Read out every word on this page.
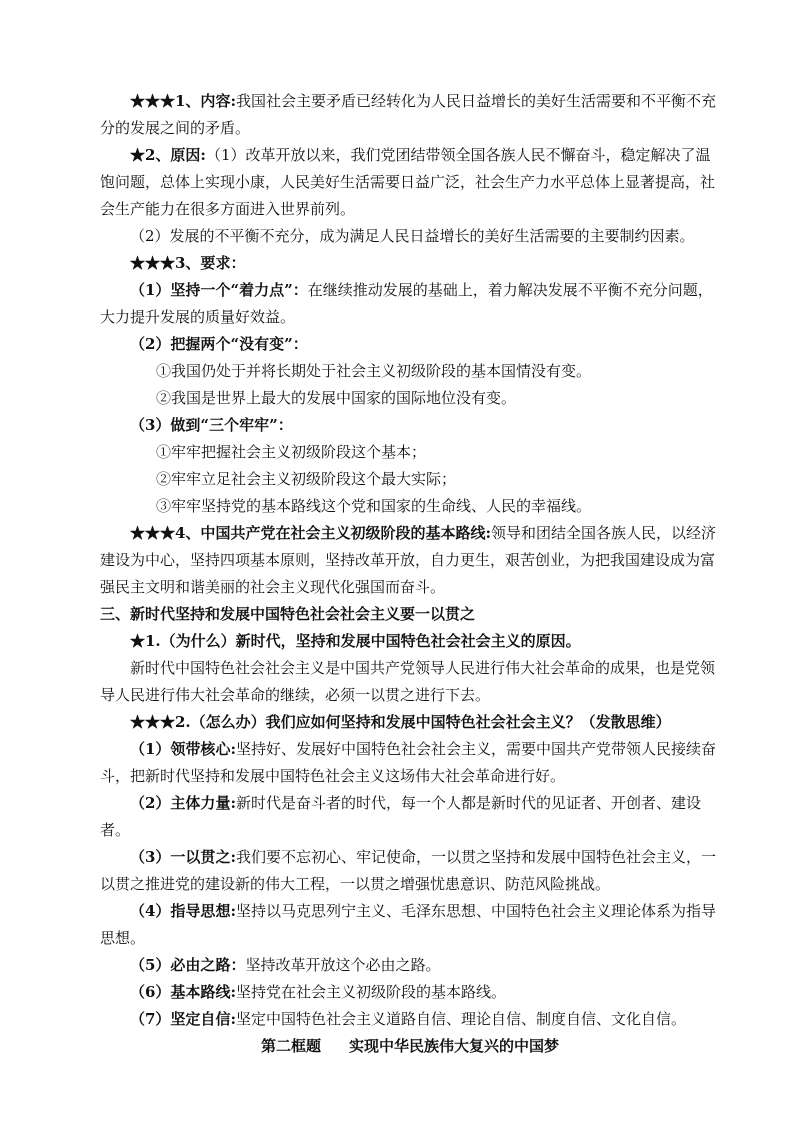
★★★1、内容:我国社会主要矛盾已经转化为人民日益增长的美好生活需要和不平衡不充分的发展之间的矛盾。

★2、原因:（1）改革开放以来，我们党团结带领全国各族人民不懈奋斗，稳定解决了温饱问题，总体上实现小康，人民美好生活需要日益广泛，社会生产力水平总体上显著提高，社会生产能力在很多方面进入世界前列。

（2）发展的不平衡不充分，成为满足人民日益增长的美好生活需要的主要制约因素。

★★★3、要求：

（1）坚持一个“着力点”：在继续推动发展的基础上，着力解决发展不平衡不充分问题，大力提升发展的质量好效益。

（2）把握两个“没有变”：

①我国仍处于并将长期处于社会主义初级阶段的基本国情没有变。

②我国是世界上最大的发展中国家的国际地位没有变。

（3）做到“三个牢牢”：

①牢牢把握社会主义初级阶段这个基本；

②牢牢立足社会主义初级阶段这个最大实际；

③牢牢坚持党的基本路线这个党和国家的生命线、人民的幸福线。

★★★4、中国共产党在社会主义初级阶段的基本路线:领导和团结全国各族人民，以经济建设为中心，坚持四项基本原则，坚持改革开放，自力更生，艰苦创业，为把我国建设成为富强民主文明和谐美丽的社会主义现代化强国而奋斗。

三、新时代坚持和发展中国特色社会社会主义要一以贯之

★1.（为什么）新时代，坚持和发展中国特色社会社会主义的原因。

新时代中国特色社会社会主义是中国共产党领导人民进行伟大社会革命的成果，也是党领导人民进行伟大社会革命的继续，必须一以贯之进行下去。

★★★2.（怎么办）我们应如何坚持和发展中国特色社会社会主义？（发散思维）

（1）领带核心:坚持好、发展好中国特色社会社会主义，需要中国共产党带领人民接续奋斗，把新时代坚持和发展中国特色社会主义这场伟大社会革命进行好。

（2）主体力量:新时代是奋斗者的时代，每一个人都是新时代的见证者、开创者、建设者。

（3）一以贯之:我们要不忘初心、牢记使命，一以贯之坚持和发展中国特色社会主义，一以贯之推进党的建设新的伟大工程，一以贯之增强忧患意识、防范风险挑战。

（4）指导思想:坚持以马克思列宁主义、毛泽东思想、中国特色社会主义理论体系为指导思想。

（5）必由之路：坚持改革开放这个必由之路。

（6）基本路线:坚持党在社会主义初级阶段的基本路线。

（7）坚定自信:坚定中国特色社会主义道路自信、理论自信、制度自信、文化自信。

第二框题 实现中华民族伟大复兴的中国梦
